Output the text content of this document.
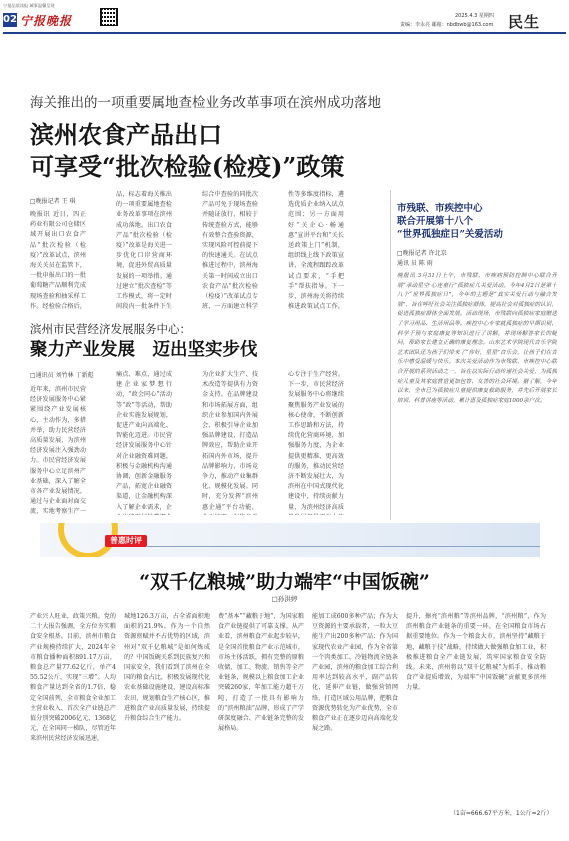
宁报品质读报 城事温馨呈现
02 宁报晚报	2025.4.3 星期四
责编：李永亮 邮箱：nbdbwb@163.com 民生
海关推出的一项重要属地查检业务改革事项在滨州成功落地
滨州农食产品出口
可享受“批次检验(检疫)”政策
□晚报记者 王 琪
晚报讯 近日，四正药业有限公司仓储区域开展出口农食产品“批次检验（检疫）”改革试点，滨州海关关员在监管下，一批申报出口的一批葡萄糖产品顺利完成现场查验和抽采样工作。经检验合格后，
品，标志着海关推出的一项重要属地查检业务改革事项在滨州成功落地。出口农食产品“批次检验（检疫）”改革是海关进一步优化口岸营商环境、促进外贸高质量发展的一项举措。通过建立“批次查检”等工作模式，将一定时间段内一批条件下生
综合中查验的同批次产品可免于现场查验并随证放行，相较于传统查验方式，能够有效整合查验资源，实现风险可控前提下的快速通关。在试点推进过程中，滨州海关第一时间成立出口农食产品“批次检验（检疫）”改革试点专班，一方面建立科学
性等多维度指标，遴选优质企业纳入试点范围；另一方面用好“关企心·畅通惠”宣讲平台和“关长送政策上门”机制，组织线上线下政策宣讲，全流程跟踪改革试点要求，“手把手”帮扶指导。下一步，滨州海关将持续推进政策试点工作，
市残联、市疾控中心
联合开展第十八个
“世界孤独症日”关爱活动
□晚报记者 许北京
通讯 员 陈 雨
晚报讯 3月31日上午，市残联、市疾病预防控制中心联合开展“承动星空·心连童行”孤独症儿关爱活动。今年4月2日是第十八个“世界孤独症日”，今年的主题是“真实关爱行动与融合发展”，旨在呼吁社会关注孤独症群体，提高社会对孤独症的认识，促进孤独症群体全面发展。活动现场，市残联向孤独症家庭赠送了学习用品、生活用品等。疾控中心专家就孤独症的早期识别、科学干预与家庭康复等知识进行了讲解，并现场解答家长的疑问，帮助家长建立正确的康复理念。山东艺术学院现代音乐学院艺术团队还为孩子们带来了“你好，星星”音乐会，让孩子们在音乐中感受温暖与快乐。本次关爱活动作为市残联、市疾控中心联合开展的系列活动之一，旨在以实际行动传递社会关爱，为孤独症儿童及其家庭营造更加包容、友善的社会环境。据了解，今年以来，全市已为孤独症儿童提供康复救助服务，并先后开展家长培训、科普讲座等活动，累计惠及孤独症家庭1000余户次。
滨州市民营经济发展服务中心：
聚力产业发展　迈出坚实步伐
□通讯员 刘竹林 丁新彪
近年来，滨州市民营经济发展服务中心紧紧围绕产业发展核心，主动作为，多措并举，助力民营经济高质量发展，为滨州经济发展注入强劲动力。市民营经济发展服务中心立足滨州产业基础，深入了解全市各产业发展情况，通过与企业面对面交流、实地考察生产一
痛点、难点，通过成建企业家梦想行动，“政会同心”活动等“政”等活动，帮助企业实施发展规划，促进产业向高端化、智能化迈进。市民营经济发展服务中心针对企业融资难问题，积极与金融机构沟通协调，创新金融服务产品，拓宽企业融资渠道，让金融机构深入了解企业需求，企
为企业扩大生产、技术改造等提供有力资金支持。在品牌建设和市场拓展方面，组织企业参加国内外展会，积极引导企业加强品牌建设，打造品牌效应，帮助企业开拓国内外市场，提升品牌影响力、市场竞争力，推动产业集群化、规模化发展。同时，充分发挥“滨州惠企通”平台功能，
心专注于生产经营。下一步，市民营经济发展服务中心将继续聚焦服务产业发展的核心使命，不断创新工作思路和方法，持续优化营商环境，加强服务力度，为企业提供更精准、更高效的服务，推动民营经济不断发展壮大，为滨州在中国式现代化建设中，持续贡献力量，为滨州经济高质
普惠时评
“双千亿粮城”助力端牢“中国饭碗”
□孙洪婷
产业兴人旺业，政策兴粮。党的二十大报告强调，全方位夯实粮食安全根基。目前，滨州市粮食产业规模持续扩大，2024年全市粮食播种面积891.17万亩，粮食总产量77.62亿斤，单产455.52公斤，实现“三增”。人均粮食产量达到全省的1.7倍，稳定全国前列，全市粮食全业加工主营业收入、首次全产业链总产值分别突破2006亿元、1368亿元，在全国同一梯队，尽管近年来滨州民营经济发展迅速，
城地126.3万亩，占全省面积地面积的21.9%。作为一个自然资源禀赋并不占优势的区域，滨州对“双千亿粮城”是如何炼成的？中国饭碗关系到民族复兴和国家安全，我们看到了滨州在全国的粮食占比，积极发展现代化农业基础设施建设，建设高标准农田，规划粮食生产核心区，推进粮食产业高质量发展，持续提升粮食综合生产能力。
费“基本”“藏粮于地”，为国家粮食产业链提供了可靠支撑。从产业看，滨州粮食产业起步较早，是全国首批粮食产业示范城市，市场主体活跃，拥有完整的原粮收储、加工、物流、销售等全产业链条，规模以上粮食加工企业突破260家，年加工能力超千万吨，打造了一批具有影响力的“滨州粮油”品牌，形成了产学研深度融合、产业链条完整的发展格局。
能加工成600多种产品；作为大豆资源的主要承载者，一粒大豆能生产出200多种产品；作为国家现代农业产业园，作为全省第一个肉类加工、冷链物流全链条产业园，滨州的粮食加工综合利用率达到较高水平，副产品转化，延伸产业链，做强营销网络，打造区域公用品牌，把粮食资源优势转化为产业优势，全市粮食产业正在逐步迈向高端化发展之路。
提升，擦亮“滨州粮”等滨州品牌，“滨州粮”，作为滨州粮食产业链条的重要一环，在全国粮食市场占据重要地位。作为一个粮食大市，滨州坚持“藏粮于地、藏粮于技”战略，持续做大做强粮食加工业，积极推进粮食全产业链发展，筑牢国家粮食安全防线。未来，滨州将以“双千亿粮城”为抓手，推动粮食产业提质增效，为端牢“中国饭碗”贡献更多滨州力量。
（1亩=666.67平方米，1公斤=2斤）
